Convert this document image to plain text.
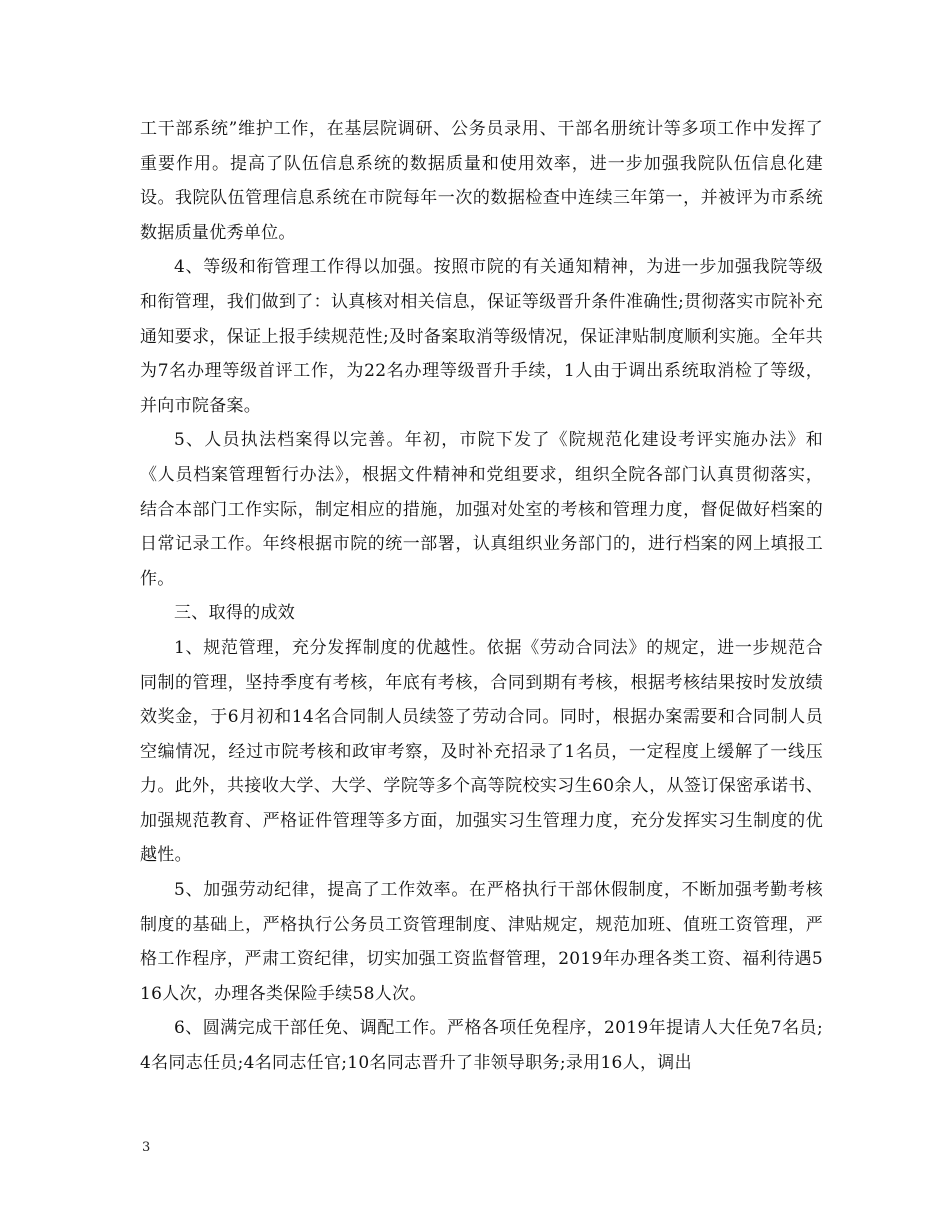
工干部系统”维护工作，在基层院调研、公务员录用、干部名册统计等多项工作中发挥了重要作用。提高了队伍信息系统的数据质量和使用效率，进一步加强我院队伍信息化建设。我院队伍管理信息系统在市院每年一次的数据检查中连续三年第一，并被评为市系统数据质量优秀单位。

4、等级和衔管理工作得以加强。按照市院的有关通知精神，为进一步加强我院等级和衔管理，我们做到了：认真核对相关信息，保证等级晋升条件准确性;贯彻落实市院补充通知要求，保证上报手续规范性;及时备案取消等级情况，保证津贴制度顺利实施。全年共为7名办理等级首评工作，为22名办理等级晋升手续，1人由于调出系统取消检了等级，并向市院备案。

5、人员执法档案得以完善。年初，市院下发了《院规范化建设考评实施办法》和《人员档案管理暂行办法》，根据文件精神和党组要求，组织全院各部门认真贯彻落实，结合本部门工作实际，制定相应的措施，加强对处室的考核和管理力度，督促做好档案的日常记录工作。年终根据市院的统一部署，认真组织业务部门的，进行档案的网上填报工作。

三、取得的成效

1、规范管理，充分发挥制度的优越性。依据《劳动合同法》的规定，进一步规范合同制的管理，坚持季度有考核，年底有考核，合同到期有考核，根据考核结果按时发放绩效奖金，于6月初和14名合同制人员续签了劳动合同。同时，根据办案需要和合同制人员空编情况，经过市院考核和政审考察，及时补充招录了1名员，一定程度上缓解了一线压力。此外，共接收大学、大学、学院等多个高等院校实习生60余人，从签订保密承诺书、加强规范教育、严格证件管理等多方面，加强实习生管理力度，充分发挥实习生制度的优越性。

5、加强劳动纪律，提高了工作效率。在严格执行干部休假制度，不断加强考勤考核制度的基础上，严格执行公务员工资管理制度、津贴规定，规范加班、值班工资管理，严格工作程序，严肃工资纪律，切实加强工资监督管理，2019年办理各类工资、福利待遇516人次，办理各类保险手续58人次。

6、圆满完成干部任免、调配工作。严格各项任免程序，2019年提请人大任免7名员;4名同志任员;4名同志任官;10名同志晋升了非领导职务;录用16人，调出

3
